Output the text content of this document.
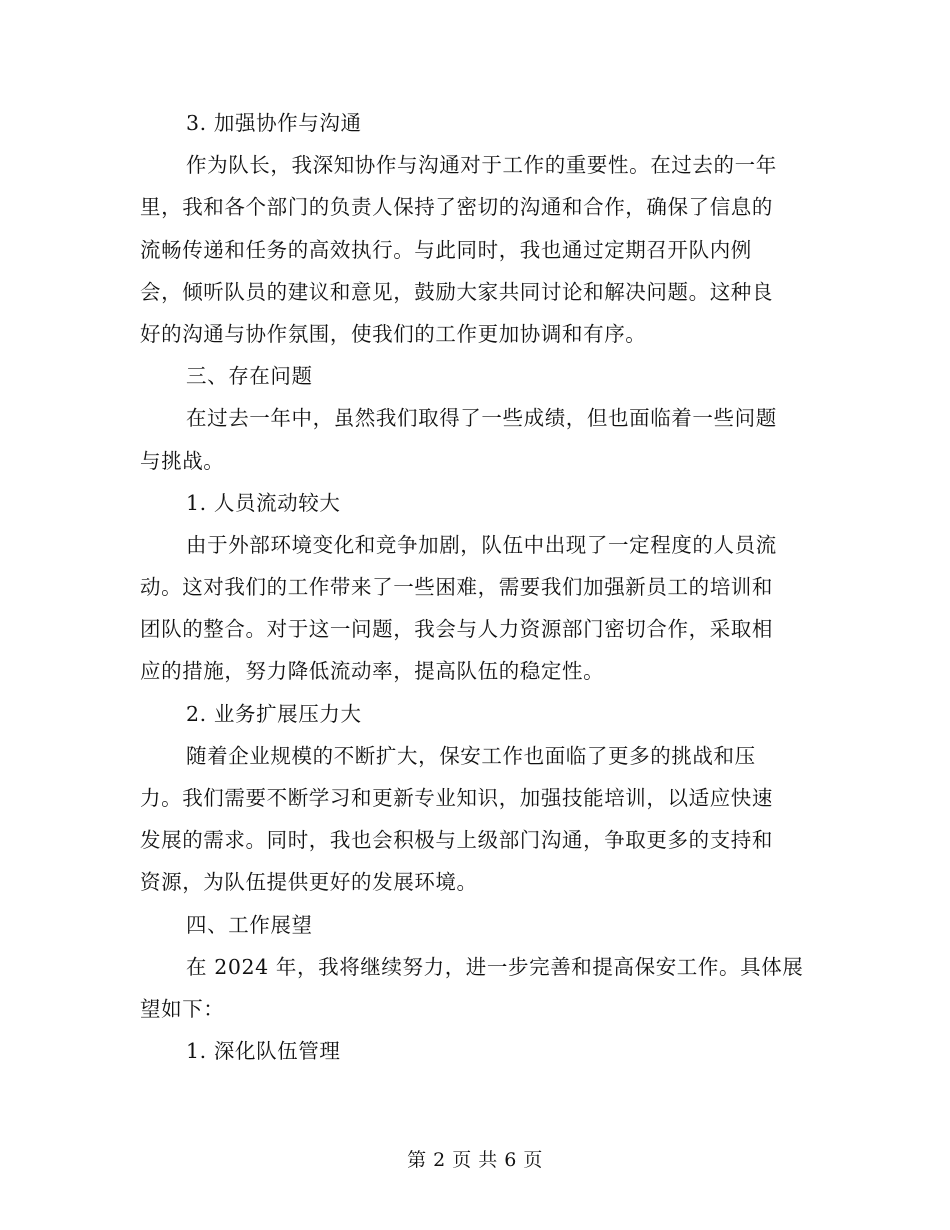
3. 加强协作与沟通
作为队长，我深知协作与沟通对于工作的重要性。在过去的一年
里，我和各个部门的负责人保持了密切的沟通和合作，确保了信息的
流畅传递和任务的高效执行。与此同时，我也通过定期召开队内例
会，倾听队员的建议和意见，鼓励大家共同讨论和解决问题。这种良
好的沟通与协作氛围，使我们的工作更加协调和有序。
三、存在问题
在过去一年中，虽然我们取得了一些成绩，但也面临着一些问题
与挑战。
1. 人员流动较大
由于外部环境变化和竞争加剧，队伍中出现了一定程度的人员流
动。这对我们的工作带来了一些困难，需要我们加强新员工的培训和
团队的整合。对于这一问题，我会与人力资源部门密切合作，采取相
应的措施，努力降低流动率，提高队伍的稳定性。
2. 业务扩展压力大
随着企业规模的不断扩大，保安工作也面临了更多的挑战和压
力。我们需要不断学习和更新专业知识，加强技能培训，以适应快速
发展的需求。同时，我也会积极与上级部门沟通，争取更多的支持和
资源，为队伍提供更好的发展环境。
四、工作展望
在 2024 年，我将继续努力，进一步完善和提高保安工作。具体展
望如下：
1. 深化队伍管理
第 2 页 共 6 页
